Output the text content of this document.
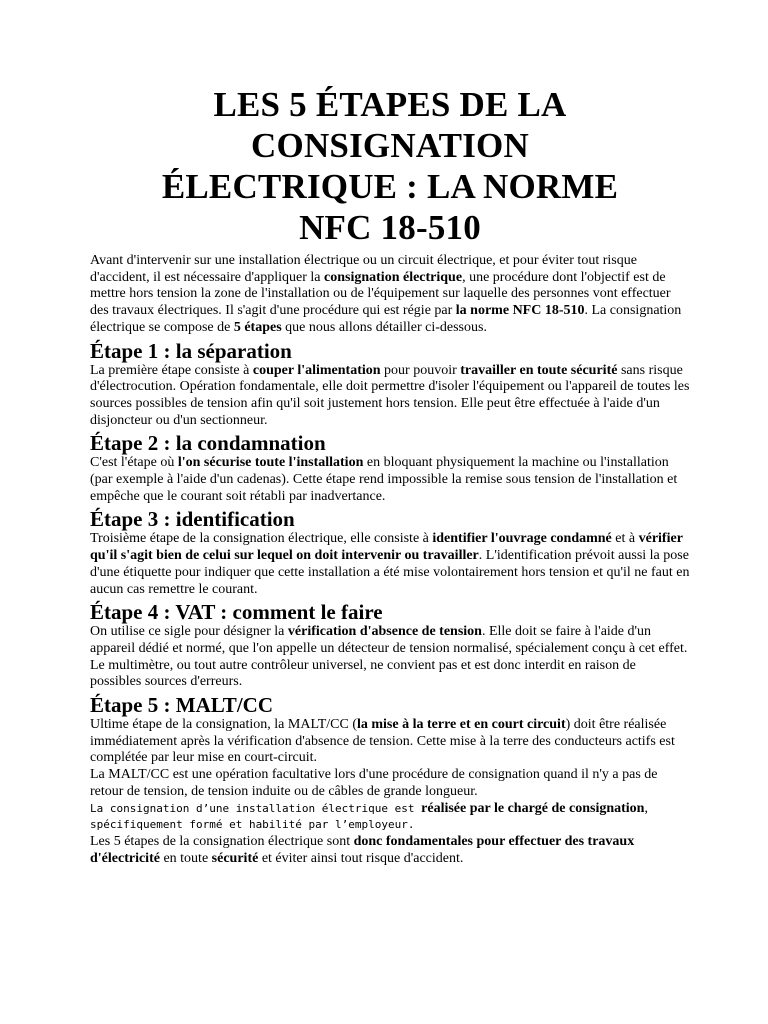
LES 5 ÉTAPES DE LA
CONSIGNATION
ÉLECTRIQUE : LA NORME
NFC 18-510

Avant d'intervenir sur une installation électrique ou un circuit électrique, et pour éviter tout risque d'accident, il est nécessaire d'appliquer la consignation électrique, une procédure dont l'objectif est de mettre hors tension la zone de l'installation ou de l'équipement sur laquelle des personnes vont effectuer des travaux électriques. Il s'agit d'une procédure qui est régie par la norme NFC 18-510. La consignation électrique se compose de 5 étapes que nous allons détailler ci-dessous.

Étape 1 : la séparation

La première étape consiste à couper l'alimentation pour pouvoir travailler en toute sécurité sans risque d'électrocution. Opération fondamentale, elle doit permettre d'isoler l'équipement ou l'appareil de toutes les sources possibles de tension afin qu'il soit justement hors tension. Elle peut être effectuée à l'aide d'un disjoncteur ou d'un sectionneur.

Étape 2 : la condamnation

C'est l'étape où l'on sécurise toute l'installation en bloquant physiquement la machine ou l'installation (par exemple à l'aide d'un cadenas). Cette étape rend impossible la remise sous tension de l'installation et empêche que le courant soit rétabli par inadvertance.

Étape 3 : identification

Troisième étape de la consignation électrique, elle consiste à identifier l'ouvrage condamné et à vérifier qu'il s'agit bien de celui sur lequel on doit intervenir ou travailler. L'identification prévoit aussi la pose d'une étiquette pour indiquer que cette installation a été mise volontairement hors tension et qu'il ne faut en aucun cas remettre le courant.

Étape 4 : VAT : comment le faire

On utilise ce sigle pour désigner la vérification d'absence de tension. Elle doit se faire à l'aide d'un appareil dédié et normé, que l'on appelle un détecteur de tension normalisé, spécialement conçu à cet effet. Le multimètre, ou tout autre contrôleur universel, ne convient pas et est donc interdit en raison de possibles sources d'erreurs.

Étape 5 : MALT/CC

Ultime étape de la consignation, la MALT/CC (la mise à la terre et en court circuit) doit être réalisée immédiatement après la vérification d'absence de tension. Cette mise à la terre des conducteurs actifs est complétée par leur mise en court-circuit.

La MALT/CC est une opération facultative lors d'une procédure de consignation quand il n'y a pas de retour de tension, de tension induite ou de câbles de grande longueur.

La consignation d’une installation électrique est réalisée par le chargé de consignation,
spécifiquement formé et habilité par l’employeur.

Les 5 étapes de la consignation électrique sont donc fondamentales pour effectuer des travaux d'électricité en toute sécurité et éviter ainsi tout risque d'accident.
